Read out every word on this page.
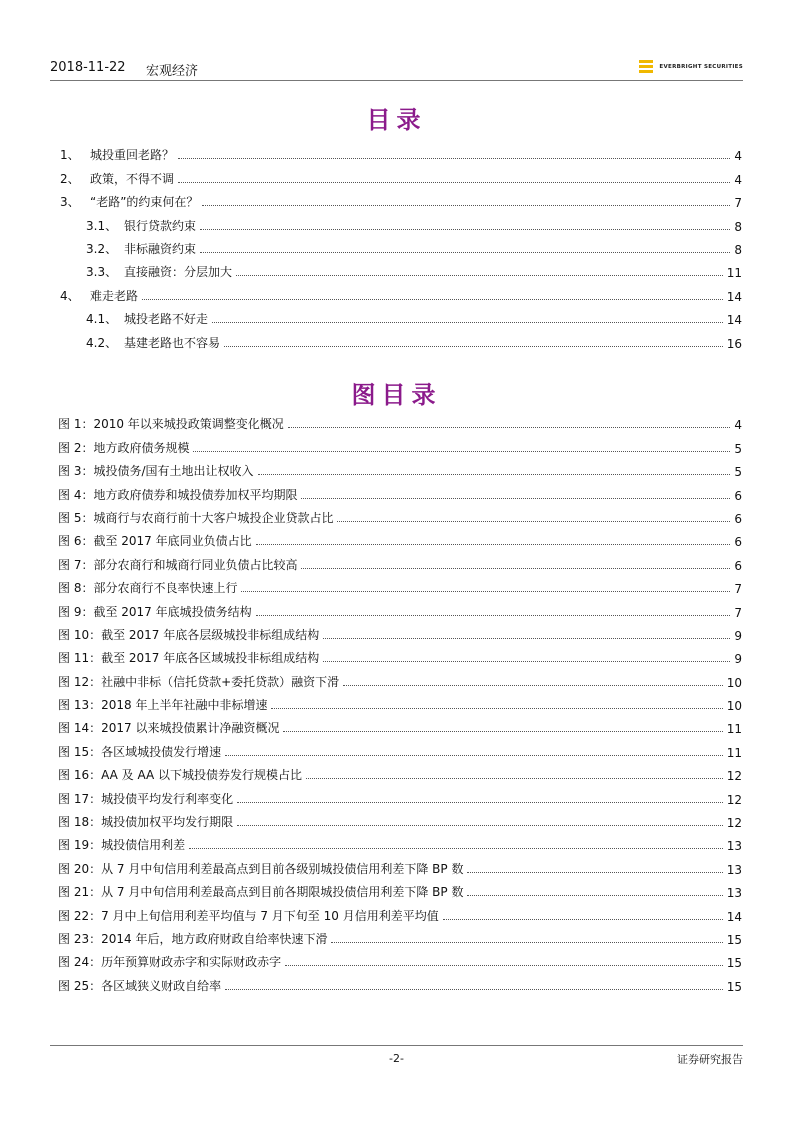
2018-11-22 宏观经济	EVERBRIGHT SECURITIES
目录
1、 城投重回老路？	4
2、 政策，不得不调	4
3、 “老路”的约束何在？	7
3.1、 银行贷款约束	8
3.2、 非标融资约束	8
3.3、 直接融资：分层加大	11
4、 难走老路	14
4.1、 城投老路不好走	14
4.2、 基建老路也不容易	16
图目录
图 1：2010 年以来城投政策调整变化概况	4
图 2：地方政府债务规模	5
图 3：城投债务/国有土地出让权收入	5
图 4：地方政府债券和城投债券加权平均期限	6
图 5：城商行与农商行前十大客户城投企业贷款占比	6
图 6：截至 2017 年底同业负债占比	6
图 7：部分农商行和城商行同业负债占比较高	6
图 8：部分农商行不良率快速上行	7
图 9：截至 2017 年底城投债务结构	7
图 10：截至 2017 年底各层级城投非标组成结构	9
图 11：截至 2017 年底各区域城投非标组成结构	9
图 12：社融中非标（信托贷款+委托贷款）融资下滑	10
图 13：2018 年上半年社融中非标增速	10
图 14：2017 以来城投债累计净融资概况	11
图 15：各区域城投债发行增速	11
图 16：AA 及 AA 以下城投债券发行规模占比	12
图 17：城投债平均发行利率变化	12
图 18：城投债加权平均发行期限	12
图 19：城投债信用利差	13
图 20：从 7 月中旬信用利差最高点到目前各级别城投债信用利差下降 BP 数	13
图 21：从 7 月中旬信用利差最高点到目前各期限城投债信用利差下降 BP 数	13
图 22：7 月中上旬信用利差平均值与 7 月下旬至 10 月信用利差平均值	14
图 23：2014 年后，地方政府财政自给率快速下滑	15
图 24：历年预算财政赤字和实际财政赤字	15
图 25：各区域狭义财政自给率	15
-2-	证券研究报告
